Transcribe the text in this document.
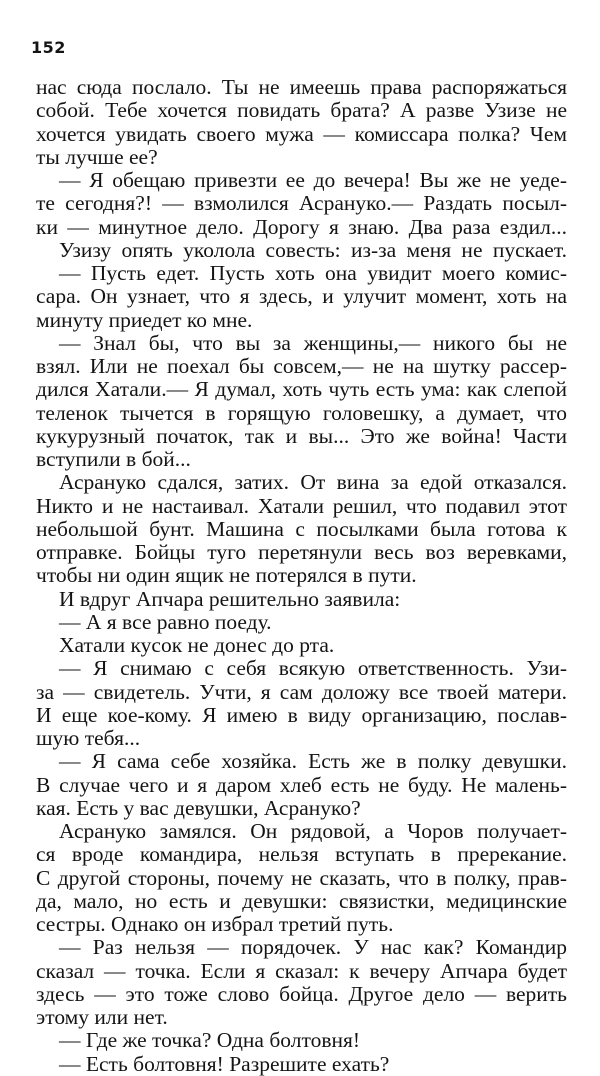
152
нас сюда послало. Ты не имеешь права распоряжаться
собой. Тебе хочется повидать брата? А разве Узизе не
хочется увидать своего мужа — комиссара полка? Чем
ты лучше ее?
— Я обещаю привезти ее до вечера! Вы же не уеде-
те сегодня?! — взмолился Асрануко.— Раздать посыл-
ки — минутное дело. Дорогу я знаю. Два раза ездил...
Узизу опять уколола совесть: из-за меня не пускает.
— Пусть едет. Пусть хоть она увидит моего комис-
сара. Он узнает, что я здесь, и улучит момент, хоть на
минуту приедет ко мне.
— Знал бы, что вы за женщины,— никого бы не
взял. Или не поехал бы совсем,— не на шутку рассер-
дился Хатали.— Я думал, хоть чуть есть ума: как слепой
теленок тычется в горящую головешку, а думает, что
кукурузный початок, так и вы... Это же война! Части
вступили в бой...
Асрануко сдался, затих. От вина за едой отказался.
Никто и не настаивал. Хатали решил, что подавил этот
небольшой бунт. Машина с посылками была готова к
отправке. Бойцы туго перетянули весь воз веревками,
чтобы ни один ящик не потерялся в пути.
И вдруг Апчара решительно заявила:
— А я все равно поеду.
Хатали кусок не донес до рта.
— Я снимаю с себя всякую ответственность. Узи-
за — свидетель. Учти, я сам доложу все твоей матери.
И еще кое-кому. Я имею в виду организацию, послав-
шую тебя...
— Я сама себе хозяйка. Есть же в полку девушки.
В случае чего и я даром хлеб есть не буду. Не малень-
кая. Есть у вас девушки, Асрануко?
Асрануко замялся. Он рядовой, а Чоров получает-
ся вроде командира, нельзя вступать в пререкание.
С другой стороны, почему не сказать, что в полку, прав-
да, мало, но есть и девушки: связистки, медицинские
сестры. Однако он избрал третий путь.
— Раз нельзя — порядочек. У нас как? Командир
сказал — точка. Если я сказал: к вечеру Апчара будет
здесь — это тоже слово бойца. Другое дело — верить
этому или нет.
— Где же точка? Одна болтовня!
— Есть болтовня! Разрешите ехать?
